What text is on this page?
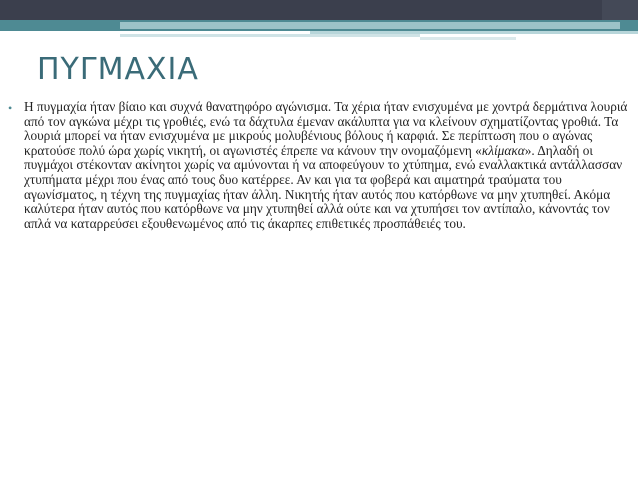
ΠΥΓΜΑΧΙΑ
• Η πυγμαχία ήταν βίαιο και συχνά θανατηφόρο αγώνισμα. Τα χέρια ήταν ενισχυμένα με χοντρά δερμάτινα λουριά από τον αγκώνα μέχρι τις γροθιές, ενώ τα δάχτυλα έμεναν ακάλυπτα για να κλείνουν σχηματίζοντας γροθιά. Τα λουριά μπορεί να ήταν ενισχυμένα με μικρούς μολυβένιους βόλους ή καρφιά. Σε περίπτωση που ο αγώνας κρατούσε πολύ ώρα χωρίς νικητή, οι αγωνιστές έπρεπε να κάνουν την ονομαζόμενη «κλίμακα». Δηλαδή οι πυγμάχοι στέκονταν ακίνητοι χωρίς να αμύνονται ή να αποφεύγουν το χτύπημα, ενώ εναλλακτικά αντάλλασσαν χτυπήματα μέχρι που ένας από τους δυο κατέρρεε. Αν και για τα φοβερά και αιματηρά τραύματα του αγωνίσματος, η τέχνη της πυγμαχίας ήταν άλλη. Νικητής ήταν αυτός που κατόρθωνε να μην χτυπηθεί. Ακόμα καλύτερα ήταν αυτός που κατόρθωνε να μην χτυπηθεί αλλά ούτε και να χτυπήσει τον αντίπαλο, κάνοντάς τον απλά να καταρρεύσει εξουθενωμένος από τις άκαρπες επιθετικές προσπάθειές του.
